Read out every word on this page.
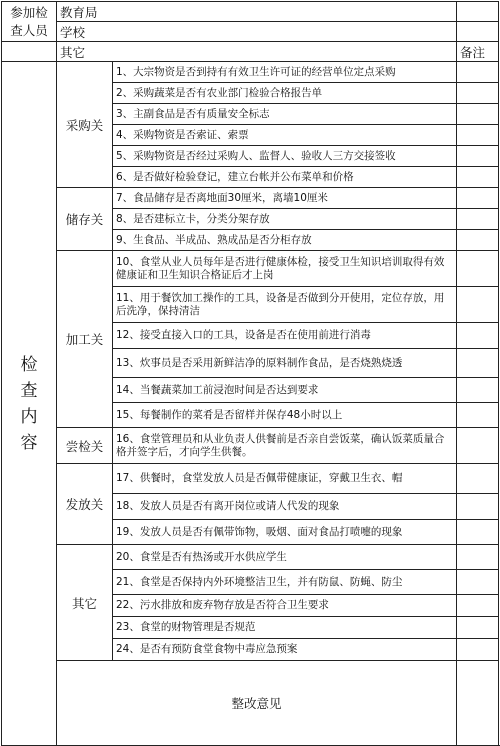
参加检查人员	教育局		
	学校		
	其它		备注

检查内容	采购关	1、大宗物资是否到持有有效卫生许可证的经营单位定点采购	
		2、采购蔬菜是否有农业部门检验合格报告单	
		3、主副食品是否有质量安全标志	
		4、采购物资是否索证、索票	
		5、采购物资是否经过采购人、监督人、验收人三方交接签收	
		6、是否做好检验登记，建立台帐并公布菜单和价格	
	储存关	7、食品储存是否离地面30厘米，离墙10厘米	
		8、是否建标立卡，分类分架存放	
		9、生食品、半成品、熟成品是否分柜存放	
	加工关	10、食堂从业人员每年是否进行健康体检，接受卫生知识培训取得有效健康证和卫生知识合格证后才上岗	
		11、用于餐饮加工操作的工具，设备是否做到分开使用，定位存放，用后洗净，保持清洁	
		12、接受直接入口的工具，设备是否在使用前进行消毒	
		13、炊事员是否采用新鲜洁净的原料制作食品，是否烧熟烧透	
		14、当餐蔬菜加工前浸泡时间是否达到要求	
		15、每餐制作的菜肴是否留样并保存48小时以上	
	尝检关	16、食堂管理员和从业负责人供餐前是否亲自尝饭菜，确认饭菜质量合格并签字后，才向学生供餐。	
	发放关	17、供餐时，食堂发放人员是否佩带健康证，穿戴卫生衣、帽	
		18、发放人员是否有离开岗位或请人代发的现象	
		19、发放人员是否有佩带饰物，吸烟、面对食品打喷嚏的现象	
	其它	20、食堂是否有热汤或开水供应学生	
		21、食堂是否保持内外环境整洁卫生，并有防鼠、防蝇、防尘	
		22、污水排放和废弃物存放是否符合卫生要求	
		23、食堂的财物管理是否规范	
		24、是否有预防食堂食物中毒应急预案	
	整改意见		
